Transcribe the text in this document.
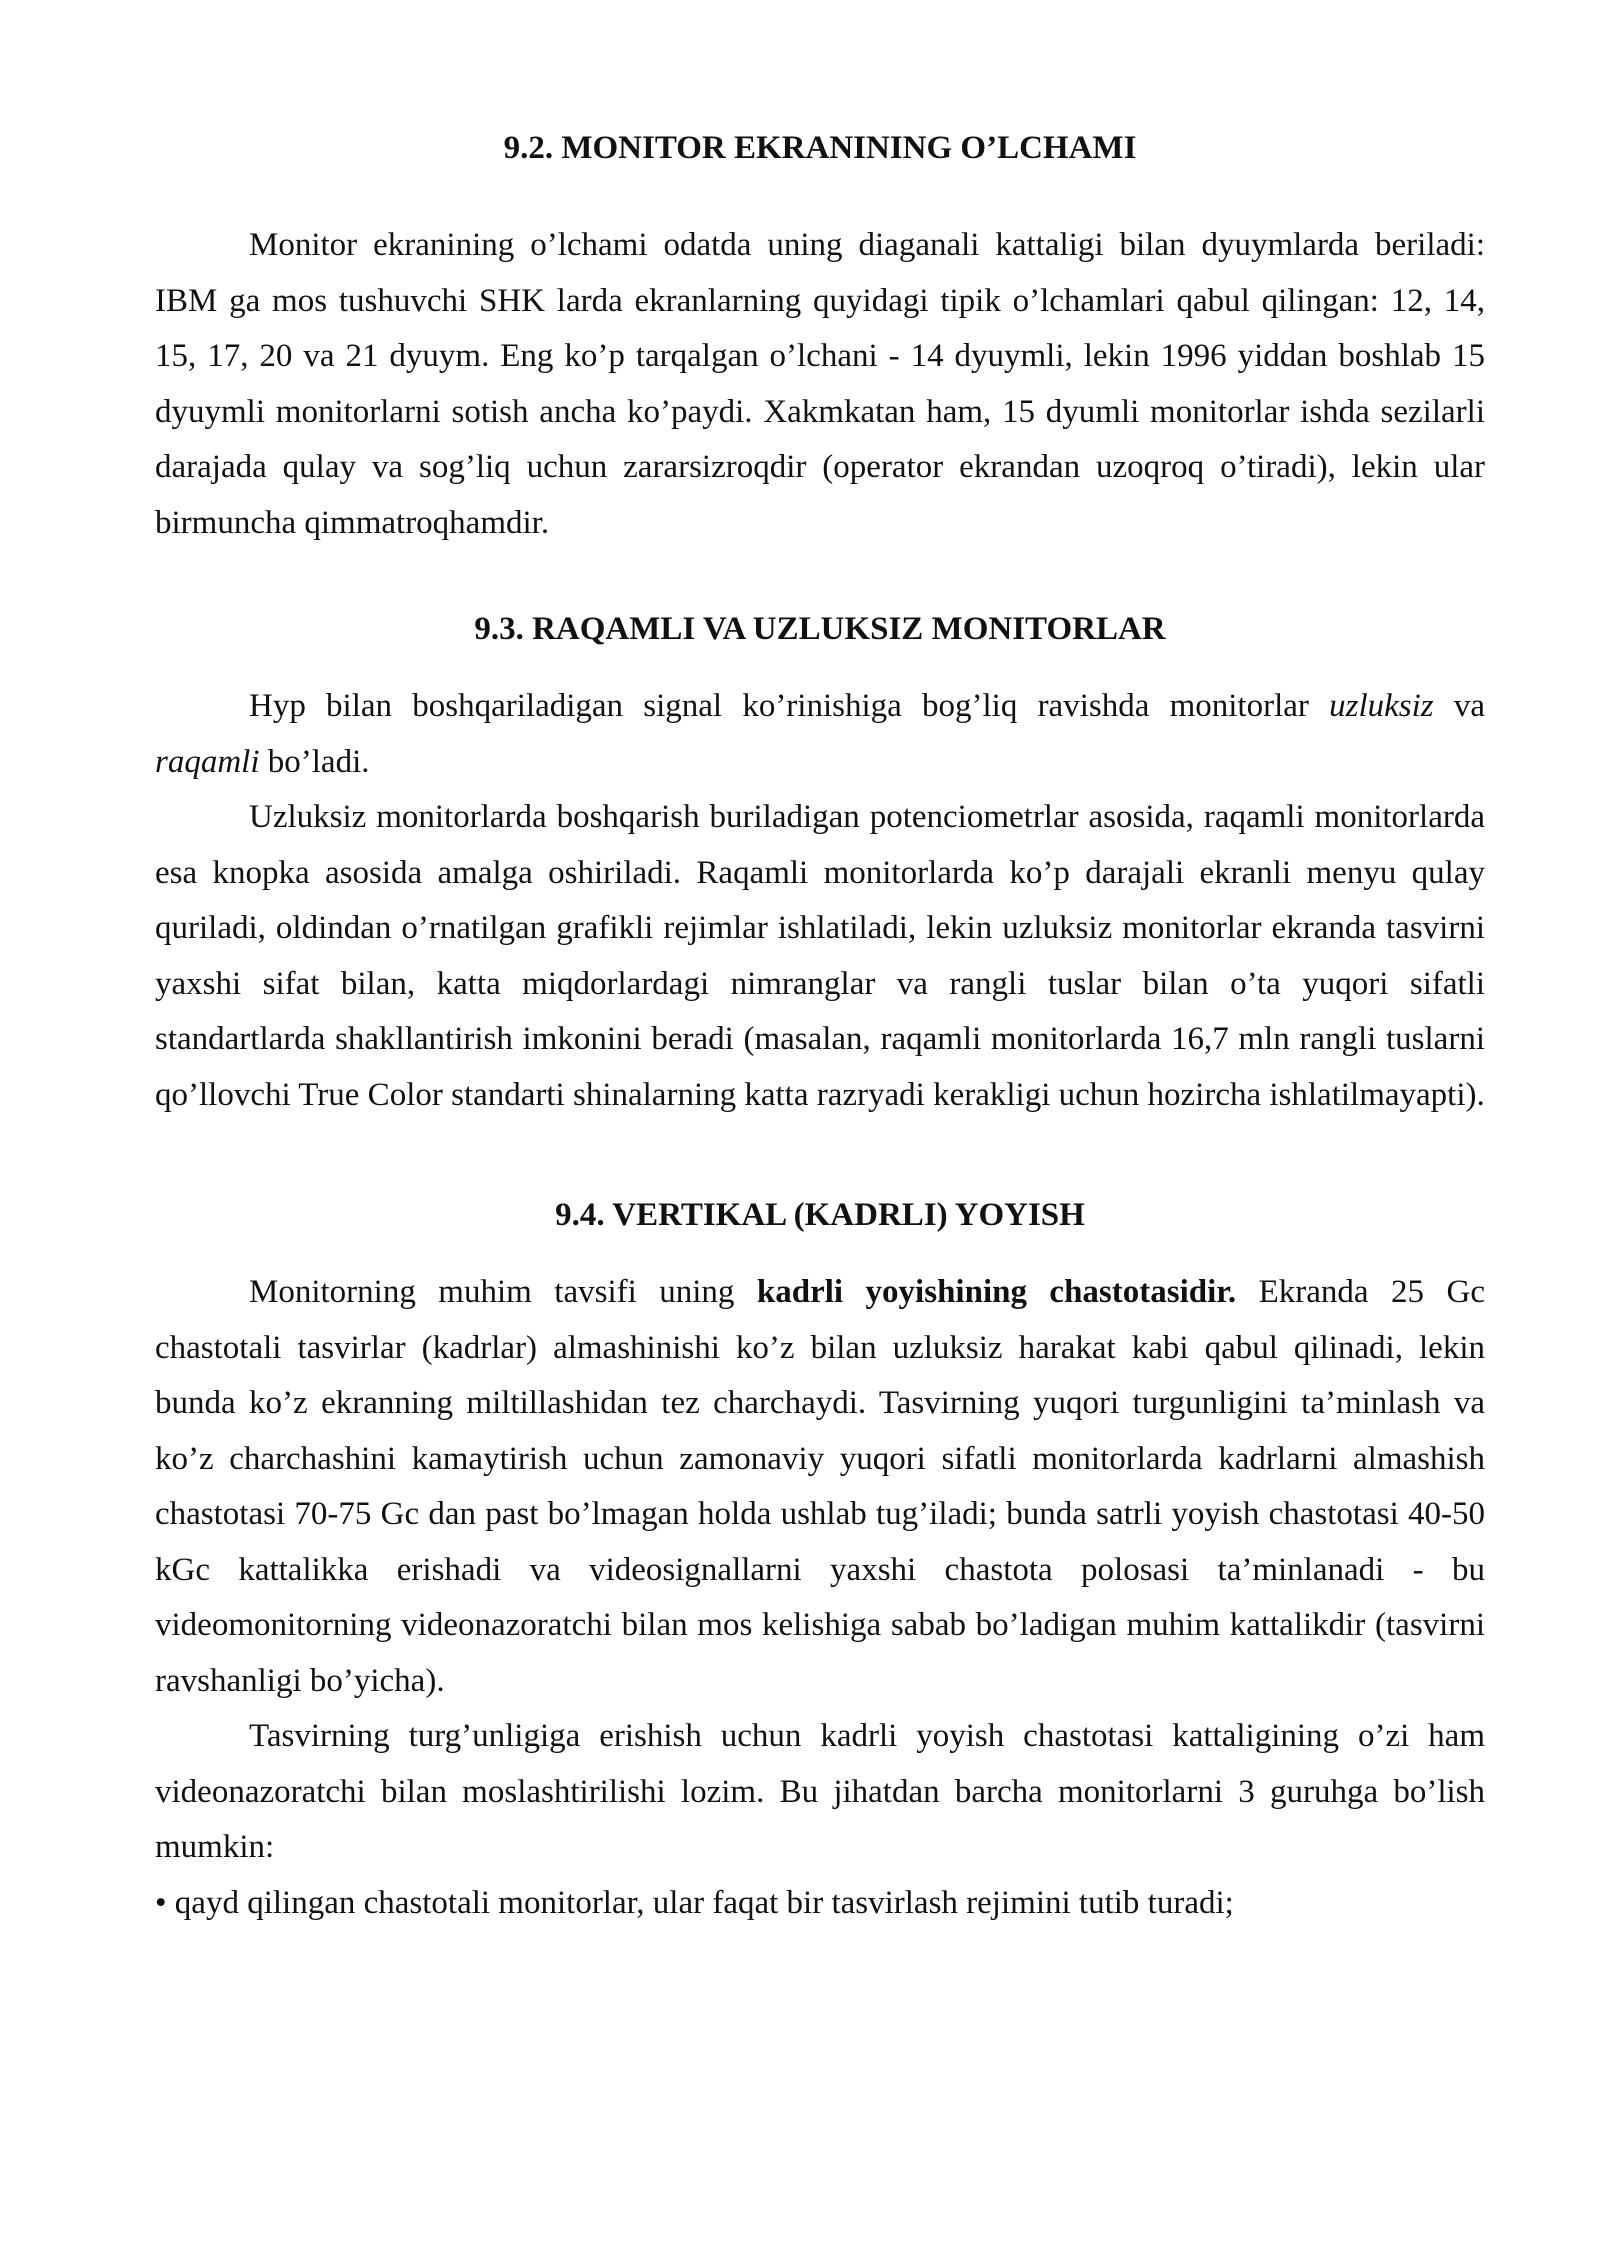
9.2. MONITOR EKRANINING O’LCHAMI

Monitor ekranining o’lchami odatda uning diaganali kattaligi bilan dyuymlarda beriladi: IBM ga mos tushuvchi SHK larda ekranlarning quyidagi tipik o’lchamlari qabul qilingan: 12, 14, 15, 17, 20 va 21 dyuym. Eng ko’p tarqalgan o’lchani - 14 dyuymli, lekin 1996 yiddan boshlab 15 dyuymli monitorlarni sotish ancha ko’paydi. Xakmkatan ham, 15 dyumli monitorlar ishda sezilarli darajada qulay va sog’liq uchun zararsizroqdir (operator ekrandan uzoqroq o’tiradi), lekin ular birmuncha qimmatroqhamdir.

9.3. RAQAMLI VA UZLUKSIZ MONITORLAR

Hyp bilan boshqariladigan signal ko’rinishiga bog’liq ravishda monitorlar uzluksiz va raqamli bo’ladi.

Uzluksiz monitorlarda boshqarish buriladigan potenciometrlar asosida, raqamli monitorlarda esa knopka asosida amalga oshiriladi. Raqamli monitorlarda ko’p darajali ekranli menyu qulay quriladi, oldindan o’rnatilgan grafikli rejimlar ishlatiladi, lekin uzluksiz monitorlar ekranda tasvirni yaxshi sifat bilan, katta miqdorlardagi nimranglar va rangli tuslar bilan o’ta yuqori sifatli standartlarda shakllantirish imkonini beradi (masalan, raqamli monitorlarda 16,7 mln rangli tuslarni qo’llovchi True Color standarti shinalarning katta razryadi kerakligi uchun hozircha ishlatilmayapti).

9.4. VERTIKAL (KADRLI) YOYISH

Monitorning muhim tavsifi uning kadrli yoyishining chastotasidir. Ekranda 25 Gc chastotali tasvirlar (kadrlar) almashinishi ko’z bilan uzluksiz harakat kabi qabul qilinadi, lekin bunda ko’z ekranning miltillashidan tez charchaydi. Tasvirning yuqori turgunligini ta’minlash va ko’z charchashini kamaytirish uchun zamonaviy yuqori sifatli monitorlarda kadrlarni almashish chastotasi 70-75 Gc dan past bo’lmagan holda ushlab tug’iladi; bunda satrli yoyish chastotasi 40-50 kGc kattalikka erishadi va videosignallarni yaxshi chastota polosasi ta’minlanadi - bu videomonitorning videonazoratchi bilan mos kelishiga sabab bo’ladigan muhim kattalikdir (tasvirni ravshanligi bo’yicha).

Tasvirning turg’unligiga erishish uchun kadrli yoyish chastotasi kattaligining o’zi ham videonazoratchi bilan moslashtirilishi lozim. Bu jihatdan barcha monitorlarni 3 guruhga bo’lish mumkin:

• qayd qilingan chastotali monitorlar, ular faqat bir tasvirlash rejimini tutib turadi;
